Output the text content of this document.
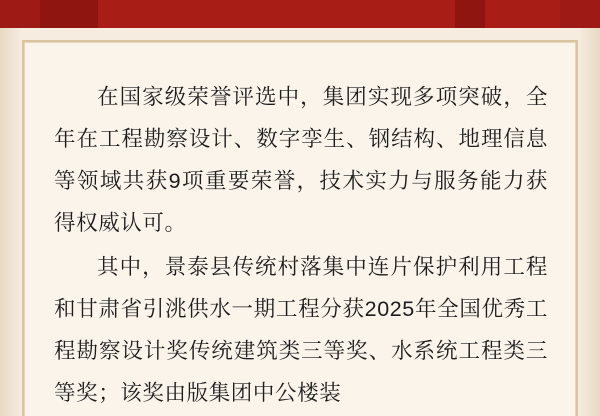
在国家级荣誉评选中，集团实现多项突破，全年在工程勘察设计、数字孪生、钢结构、地理信息等领域共获9项重要荣誉，技术实力与服务能力获得权威认可。

其中，景泰县传统村落集中连片保护利用工程和甘肃省引洮供水一期工程分获2025年全国优秀工程勘察设计奖传统建筑类三等奖、水系统工程类三等奖；该奖由版集团中公楼装
